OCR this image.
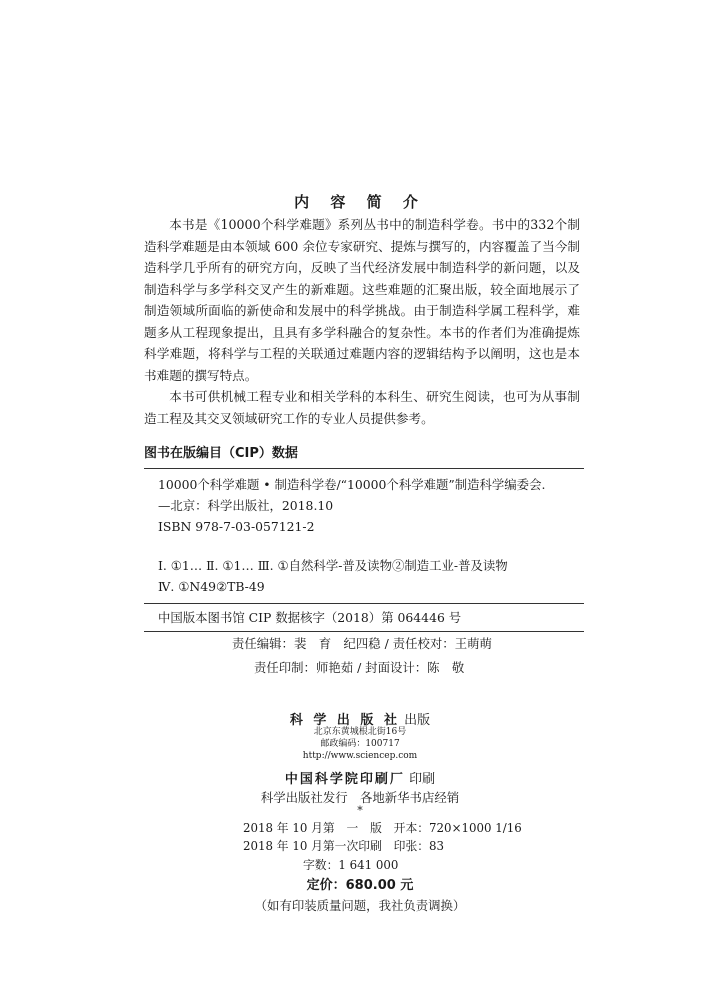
内 容 简 介

本书是《10000个科学难题》系列丛书中的制造科学卷。书中的332个制造科学难题是由本领域 600 余位专家研究、提炼与撰写的，内容覆盖了当今制造科学几乎所有的研究方向，反映了当代经济发展中制造科学的新问题，以及制造科学与多学科交叉产生的新难题。这些难题的汇聚出版，较全面地展示了制造领域所面临的新使命和发展中的科学挑战。由于制造科学属工程科学，难题多从工程现象提出，且具有多学科融合的复杂性。本书的作者们为准确提炼科学难题，将科学与工程的关联通过难题内容的逻辑结构予以阐明，这也是本书难题的撰写特点。

本书可供机械工程专业和相关学科的本科生、研究生阅读，也可为从事制造工程及其交叉领域研究工作的专业人员提供参考。

图书在版编目（CIP）数据
10000个科学难题 • 制造科学卷/“10000个科学难题”制造科学编委会.
—北京：科学出版社，2018.10
ISBN 978-7-03-057121-2
Ⅰ. ①1… Ⅱ. ①1… Ⅲ. ①自然科学-普及读物②制造工业-普及读物
Ⅳ. ①N49②TB-49
中国版本图书馆 CIP 数据核字（2018）第 064446 号
责任编辑：裴　育　纪四稳 / 责任校对：王萌萌
责任印制：师艳茹 / 封面设计：陈　敬
科 学 出 版 社 出版
北京东黄城根北街16号
邮政编码：100717
http://www.sciencep.com
中国科学院印刷厂 印刷
科学出版社发行　各地新华书店经销
*
2018 年 10 月第　一　版　开本：720×1000 1/16
2018 年 10 月第一次印刷　印张：83
字数：1 641 000
定价：680.00 元
（如有印装质量问题，我社负责调换）
